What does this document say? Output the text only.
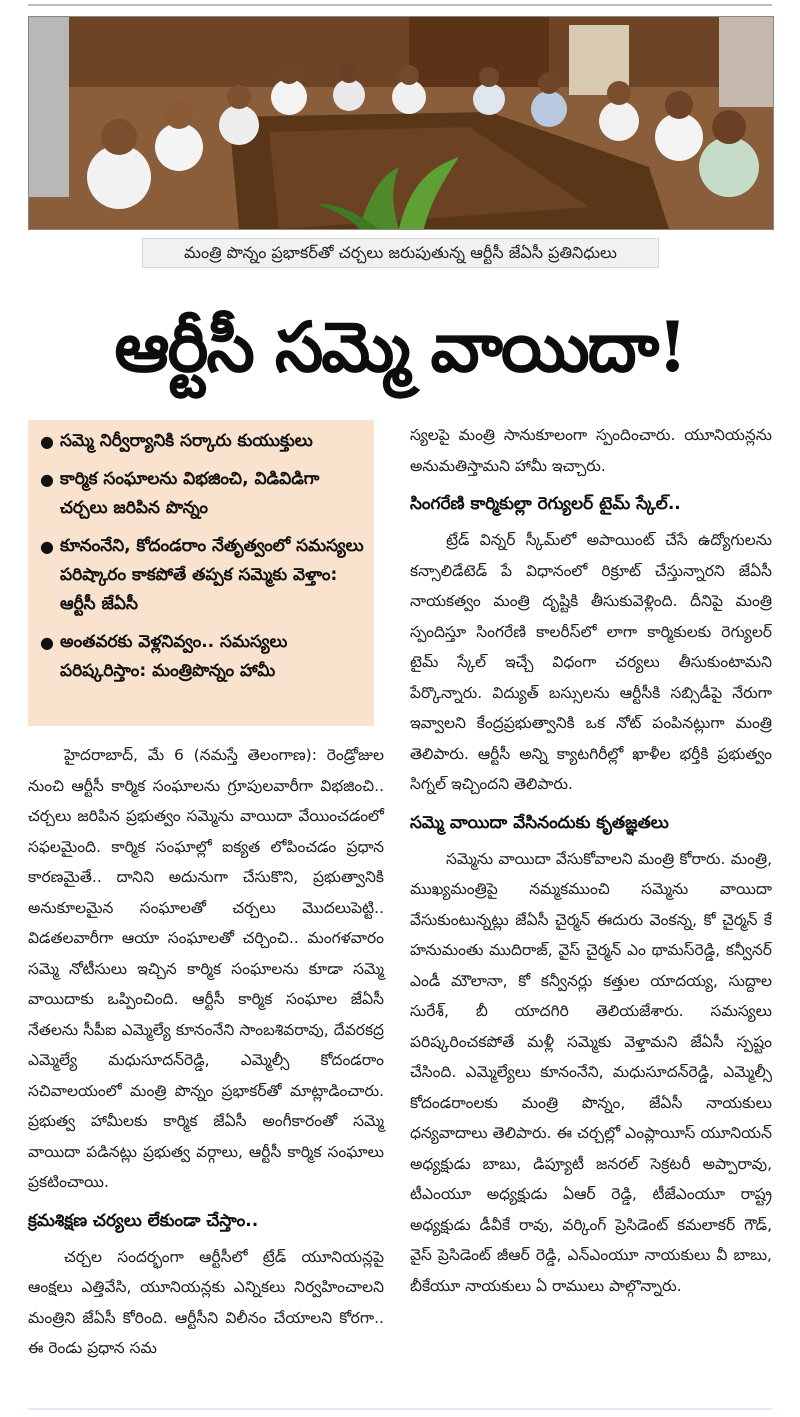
మంత్రి పొన్నం ప్రభాకర్‌తో చర్చలు జరుపుతున్న ఆర్టీసీ జేఏసీ ప్రతినిధులు
ఆర్టీసీ సమ్మె వాయిదా!
● సమ్మె నిర్వీర్యానికి సర్కారు కుయుక్తులు
● కార్మిక సంఘాలను విభజించి, విడివిడిగా చర్చలు జరిపిన పొన్నం
● కూనంనేని, కోదండరాం నేతృత్వంలో సమస్యలు పరిష్కారం కాకపోతే తప్పక సమ్మెకు వెళ్తాం: ఆర్టీసీ జేఏసీ
● అంతవరకు వెళ్లనివ్వం.. సమస్యలు పరిష్కరిస్తాం: మంత్రిపొన్నం హామీ

హైదరాబాద్‌, మే 6 (నమస్తే తెలంగాణ): రెండ్రోజుల నుంచి ఆర్టీసీ కార్మిక సంఘాలను గ్రూపులవారీగా విభజించి.. చర్చలు జరిపిన ప్రభుత్వం సమ్మెను వాయిదా వేయించడంలో సఫలమైంది. కార్మిక సంఘాల్లో ఐక్యత లోపించడం ప్రధాన కారణమైతే.. దానిని అదునుగా చేసుకొని, ప్రభుత్వానికి అనుకూలమైన సంఘాలతో చర్చలు మొదలుపెట్టి.. విడతలవారీగా ఆయా సంఘాలతో చర్చించి.. మంగళవారం సమ్మె నోటీసులు ఇచ్చిన కార్మిక సంఘాలను కూడా సమ్మె వాయిదాకు ఒప్పించింది. ఆర్టీసీ కార్మిక సంఘాల జేఏసీ నేతలను సీపీఐ ఎమ్మెల్యే కూనంనేని సాంబశివరావు, దేవరకద్ర ఎమ్మెల్యే మధుసూదన్‌రెడ్డి, ఎమ్మెల్సీ కోదండరాం సచివాలయంలో మంత్రి పొన్నం ప్రభాకర్‌తో మాట్లాడించారు. ప్రభుత్వ హామీలకు కార్మిక జేఏసీ అంగీకారంతో సమ్మె వాయిదా పడినట్లు ప్రభుత్వ వర్గాలు, ఆర్టీసీ కార్మిక సంఘాలు ప్రకటించాయి.

క్రమశిక్షణ చర్యలు లేకుండా చేస్తాం..

చర్చల సందర్భంగా ఆర్టీసీలో ట్రేడ్‌ యూనియన్లపై ఆంక్షలు ఎత్తివేసి, యూనియన్లకు ఎన్నికలు నిర్వహించాలని మంత్రిని జేఏసీ కోరింది. ఆర్టీసీని విలీనం చేయాలని కోరగా.. ఈ రెండు ప్రధాన సమ

స్యలపై మంత్రి సానుకూలంగా స్పందించారు. యూనియన్లను అనుమతిస్తామని హామీ ఇచ్చారు.

సింగరేణి కార్మికుల్లా రెగ్యులర్‌ టైమ్‌ స్కేల్‌..

ట్రేడ్‌ విన్నర్‌ స్కీమ్‌లో అపాయింట్‌ చేసే ఉద్యోగులను కన్సాలిడేటెడ్‌ పే విధానంలో రిక్రూట్‌ చేస్తున్నారని జేఏసీ నాయకత్వం మంత్రి దృష్టికి తీసుకువెళ్లింది. దీనిపై మంత్రి స్పందిస్తూ సింగరేణి కాలరీస్‌లో లాగా కార్మికులకు రెగ్యులర్‌ టైమ్‌ స్కేల్‌ ఇచ్చే విధంగా చర్యలు తీసుకుంటామని పేర్కొన్నారు. విద్యుత్‌ బస్సులను ఆర్టీసీకి సబ్సిడీపై నేరుగా ఇవ్వాలని కేంద్రప్రభుత్వానికి ఒక నోట్‌ పంపినట్లుగా మంత్రి తెలిపారు. ఆర్టీసీ అన్ని క్యాటగిరీల్లో ఖాళీల భర్తీకి ప్రభుత్వం సిగ్నల్‌ ఇచ్చిందని తెలిపారు.

సమ్మె వాయిదా వేసినందుకు కృతజ్ఞతలు

సమ్మెను వాయిదా వేసుకోవాలని మంత్రి కోరారు. మంత్రి, ముఖ్యమంత్రిపై నమ్మకముంచి సమ్మెను వాయిదా వేసుకుంటున్నట్లు జేఏసీ చైర్మన్‌ ఈదురు వెంకన్న, కో చైర్మన్‌ కే హనుమంతు ముదిరాజ్‌, వైస్‌ చైర్మన్‌ ఎం థామస్‌రెడ్డి, కన్వీనర్‌ ఎండీ మౌలానా, కో కన్వీనర్లు కత్తుల యాదయ్య, సుద్దాల సురేశ్‌, బీ యాదగిరి తెలియజేశారు. సమస్యలు పరిష్కరించకపోతే మళ్లీ సమ్మెకు వెళ్తామని జేఏసీ స్పష్టం చేసింది. ఎమ్మెల్యేలు కూనంనేని, మధుసూదన్‌రెడ్డి, ఎమ్మెల్సీ కోదండరాంలకు మంత్రి పొన్నం, జేఏసీ నాయకులు ధన్యవాదాలు తెలిపారు. ఈ చర్చల్లో ఎంప్లాయీస్‌ యూనియన్‌ అధ్యక్షుడు బాబు, డిప్యూటీ జనరల్‌ సెక్రటరీ అప్పారావు, టీఎంయూ అధ్యక్షుడు ఏఆర్‌ రెడ్డి, టీజేఎంయూ రాష్ట్ర అధ్యక్షుడు డీవీకే రావు, వర్కింగ్‌ ప్రెసిడెంట్‌ కమలాకర్‌ గౌడ్‌, వైస్‌ ప్రెసిడెంట్‌ జీఆర్‌ రెడ్డి, ఎన్‌ఎంయూ నాయకులు వీ బాబు, బీకేయూ నాయకులు ఏ రాములు పాల్గొన్నారు.
